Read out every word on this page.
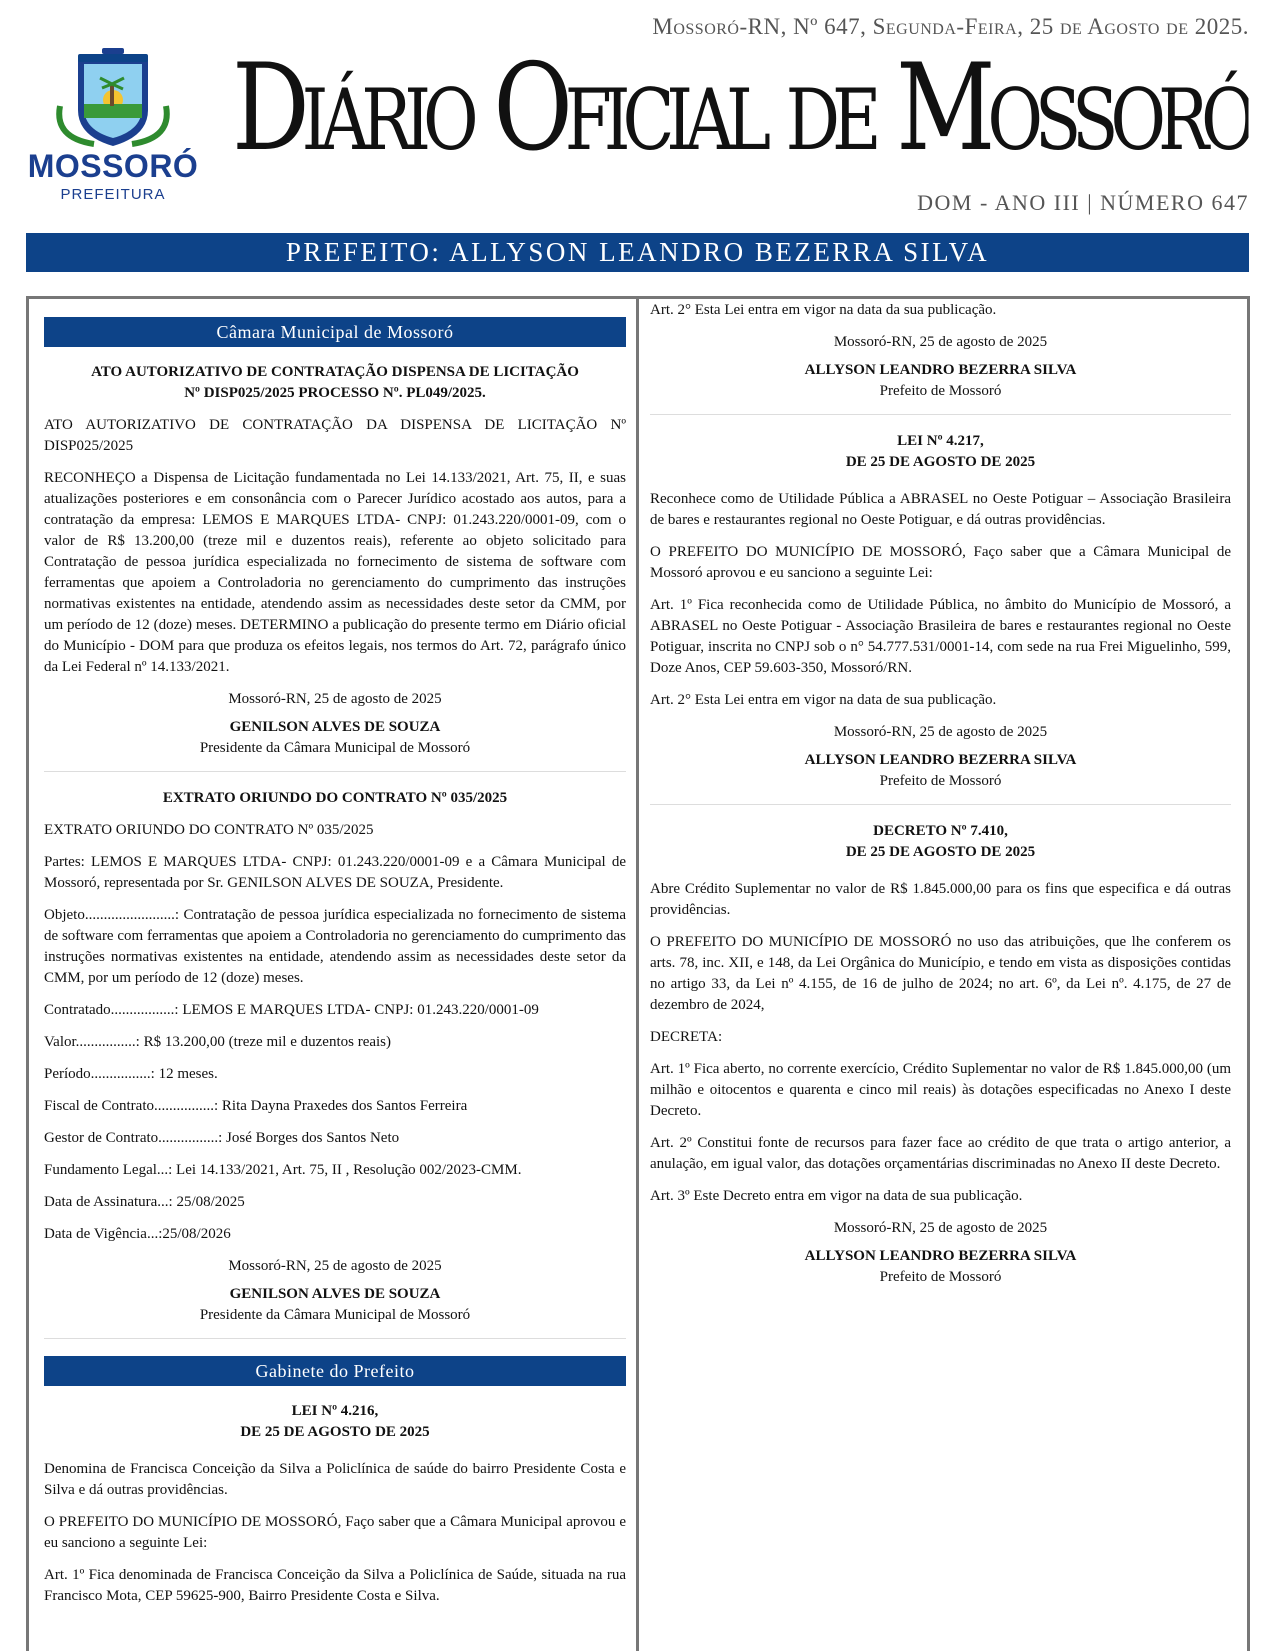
Mossoró-RN, Nº 647, Segunda-Feira, 25 de Agosto de 2025.
MOSSORÓ
PREFEITURA
Diário Oficial de Mossoró
DOM - ANO III | NÚMERO 647
PREFEITO: ALLYSON LEANDRO BEZERRA SILVA
Câmara Municipal de Mossoró

ATO AUTORIZATIVO DE CONTRATAÇÃO DISPENSA DE LICITAÇÃO

Nº DISP025/2025 PROCESSO Nº. PL049/2025.

ATO AUTORIZATIVO DE CONTRATAÇÃO DA DISPENSA DE LICITAÇÃO Nº DISP025/2025

RECONHEÇO a Dispensa de Licitação fundamentada no Lei 14.133/2021, Art. 75, II, e suas atualizações posteriores e em consonância com o Parecer Jurídico acostado aos autos, para a contratação da empresa: LEMOS E MARQUES LTDA- CNPJ: 01.243.220/0001-09, com o valor de R$ 13.200,00 (treze mil e duzentos reais), referente ao objeto solicitado para Contratação de pessoa jurídica especializada no fornecimento de sistema de software com ferramentas que apoiem a Controladoria no gerenciamento do cumprimento das instruções normativas existentes na entidade, atendendo assim as necessidades deste setor da CMM, por um período de 12 (doze) meses. DETERMINO a publicação do presente termo em Diário oficial do Município - DOM para que produza os efeitos legais, nos termos do Art. 72, parágrafo único da Lei Federal nº 14.133/2021.

Mossoró-RN, 25 de agosto de 2025

GENILSON ALVES DE SOUZA

Presidente da Câmara Municipal de Mossoró

EXTRATO ORIUNDO DO CONTRATO Nº 035/2025

EXTRATO ORIUNDO DO CONTRATO Nº 035/2025

Partes: LEMOS E MARQUES LTDA- CNPJ: 01.243.220/0001-09 e a Câmara Municipal de Mossoró, representada por Sr. GENILSON ALVES DE SOUZA, Presidente.

Objeto........................: Contratação de pessoa jurídica especializada no fornecimento de sistema de software com ferramentas que apoiem a Controladoria no gerenciamento do cumprimento das instruções normativas existentes na entidade, atendendo assim as necessidades deste setor da CMM, por um período de 12 (doze) meses.

Contratado.................: LEMOS E MARQUES LTDA- CNPJ: 01.243.220/0001-09

Valor................: R$ 13.200,00 (treze mil e duzentos reais)

Período................: 12 meses.

Fiscal de Contrato................: Rita Dayna Praxedes dos Santos Ferreira

Gestor de Contrato................: José Borges dos Santos Neto

Fundamento Legal...: Lei 14.133/2021, Art. 75, II , Resolução 002/2023-CMM.

Data de Assinatura...: 25/08/2025

Data de Vigência...:25/08/2026

Mossoró-RN, 25 de agosto de 2025

GENILSON ALVES DE SOUZA

Presidente da Câmara Municipal de Mossoró

Gabinete do Prefeito

LEI Nº 4.216,

DE 25 DE AGOSTO DE 2025

Denomina de Francisca Conceição da Silva a Policlínica de saúde do bairro Presidente Costa e Silva e dá outras providências.

O PREFEITO DO MUNICÍPIO DE MOSSORÓ, Faço saber que a Câmara Municipal aprovou e eu sanciono a seguinte Lei:

Art. 1º Fica denominada de Francisca Conceição da Silva a Policlínica de Saúde, situada na rua Francisco Mota, CEP 59625-900, Bairro Presidente Costa e Silva.

Art. 2° Esta Lei entra em vigor na data da sua publicação.

Mossoró-RN, 25 de agosto de 2025

ALLYSON LEANDRO BEZERRA SILVA

Prefeito de Mossoró

LEI Nº 4.217,

DE 25 DE AGOSTO DE 2025

Reconhece como de Utilidade Pública a ABRASEL no Oeste Potiguar – Associação Brasileira de bares e restaurantes regional no Oeste Potiguar, e dá outras providências.

O PREFEITO DO MUNICÍPIO DE MOSSORÓ, Faço saber que a Câmara Municipal de Mossoró aprovou e eu sanciono a seguinte Lei:

Art. 1º Fica reconhecida como de Utilidade Pública, no âmbito do Município de Mossoró, a ABRASEL no Oeste Potiguar - Associação Brasileira de bares e restaurantes regional no Oeste Potiguar, inscrita no CNPJ sob o n° 54.777.531/0001-14, com sede na rua Frei Miguelinho, 599, Doze Anos, CEP 59.603-350, Mossoró/RN.

Art. 2° Esta Lei entra em vigor na data de sua publicação.

Mossoró-RN, 25 de agosto de 2025

ALLYSON LEANDRO BEZERRA SILVA

Prefeito de Mossoró

DECRETO Nº 7.410,

DE 25 DE AGOSTO DE 2025

Abre Crédito Suplementar no valor de R$ 1.845.000,00 para os fins que especifica e dá outras providências.

O PREFEITO DO MUNICÍPIO DE MOSSORÓ no uso das atribuições, que lhe conferem os arts. 78, inc. XII, e 148, da Lei Orgânica do Município, e tendo em vista as disposições contidas no artigo 33, da Lei nº 4.155, de 16 de julho de 2024; no art. 6º, da Lei nº. 4.175, de 27 de dezembro de 2024,

DECRETA:

Art. 1º Fica aberto, no corrente exercício, Crédito Suplementar no valor de R$ 1.845.000,00 (um milhão e oitocentos e quarenta e cinco mil reais) às dotações especificadas no Anexo I deste Decreto.

Art. 2º Constitui fonte de recursos para fazer face ao crédito de que trata o artigo anterior, a anulação, em igual valor, das dotações orçamentárias discriminadas no Anexo II deste Decreto.

Art. 3º Este Decreto entra em vigor na data de sua publicação.

Mossoró-RN, 25 de agosto de 2025

ALLYSON LEANDRO BEZERRA SILVA

Prefeito de Mossoró
